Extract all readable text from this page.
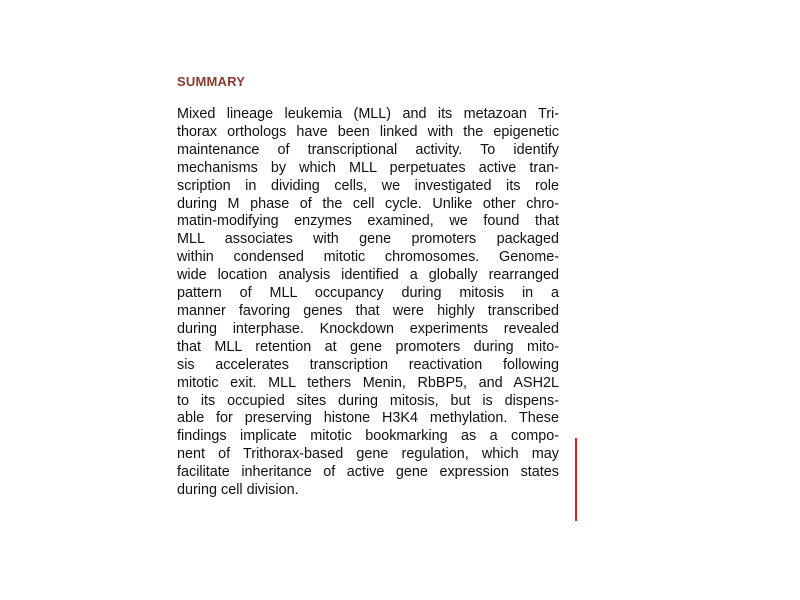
SUMMARY

Mixed lineage leukemia (MLL) and its metazoan Tri-
thorax orthologs have been linked with the epigenetic
maintenance of transcriptional activity. To identify
mechanisms by which MLL perpetuates active tran-
scription in dividing cells, we investigated its role
during M phase of the cell cycle. Unlike other chro-
matin-modifying enzymes examined, we found that
MLL associates with gene promoters packaged
within condensed mitotic chromosomes. Genome-
wide location analysis identified a globally rearranged
pattern of MLL occupancy during mitosis in a
manner favoring genes that were highly transcribed
during interphase. Knockdown experiments revealed
that MLL retention at gene promoters during mito-
sis accelerates transcription reactivation following
mitotic exit. MLL tethers Menin, RbBP5, and ASH2L
to its occupied sites during mitosis, but is dispens-
able for preserving histone H3K4 methylation. These
findings implicate mitotic bookmarking as a compo-
nent of Trithorax-based gene regulation, which may
facilitate inheritance of active gene expression states
during cell division.
